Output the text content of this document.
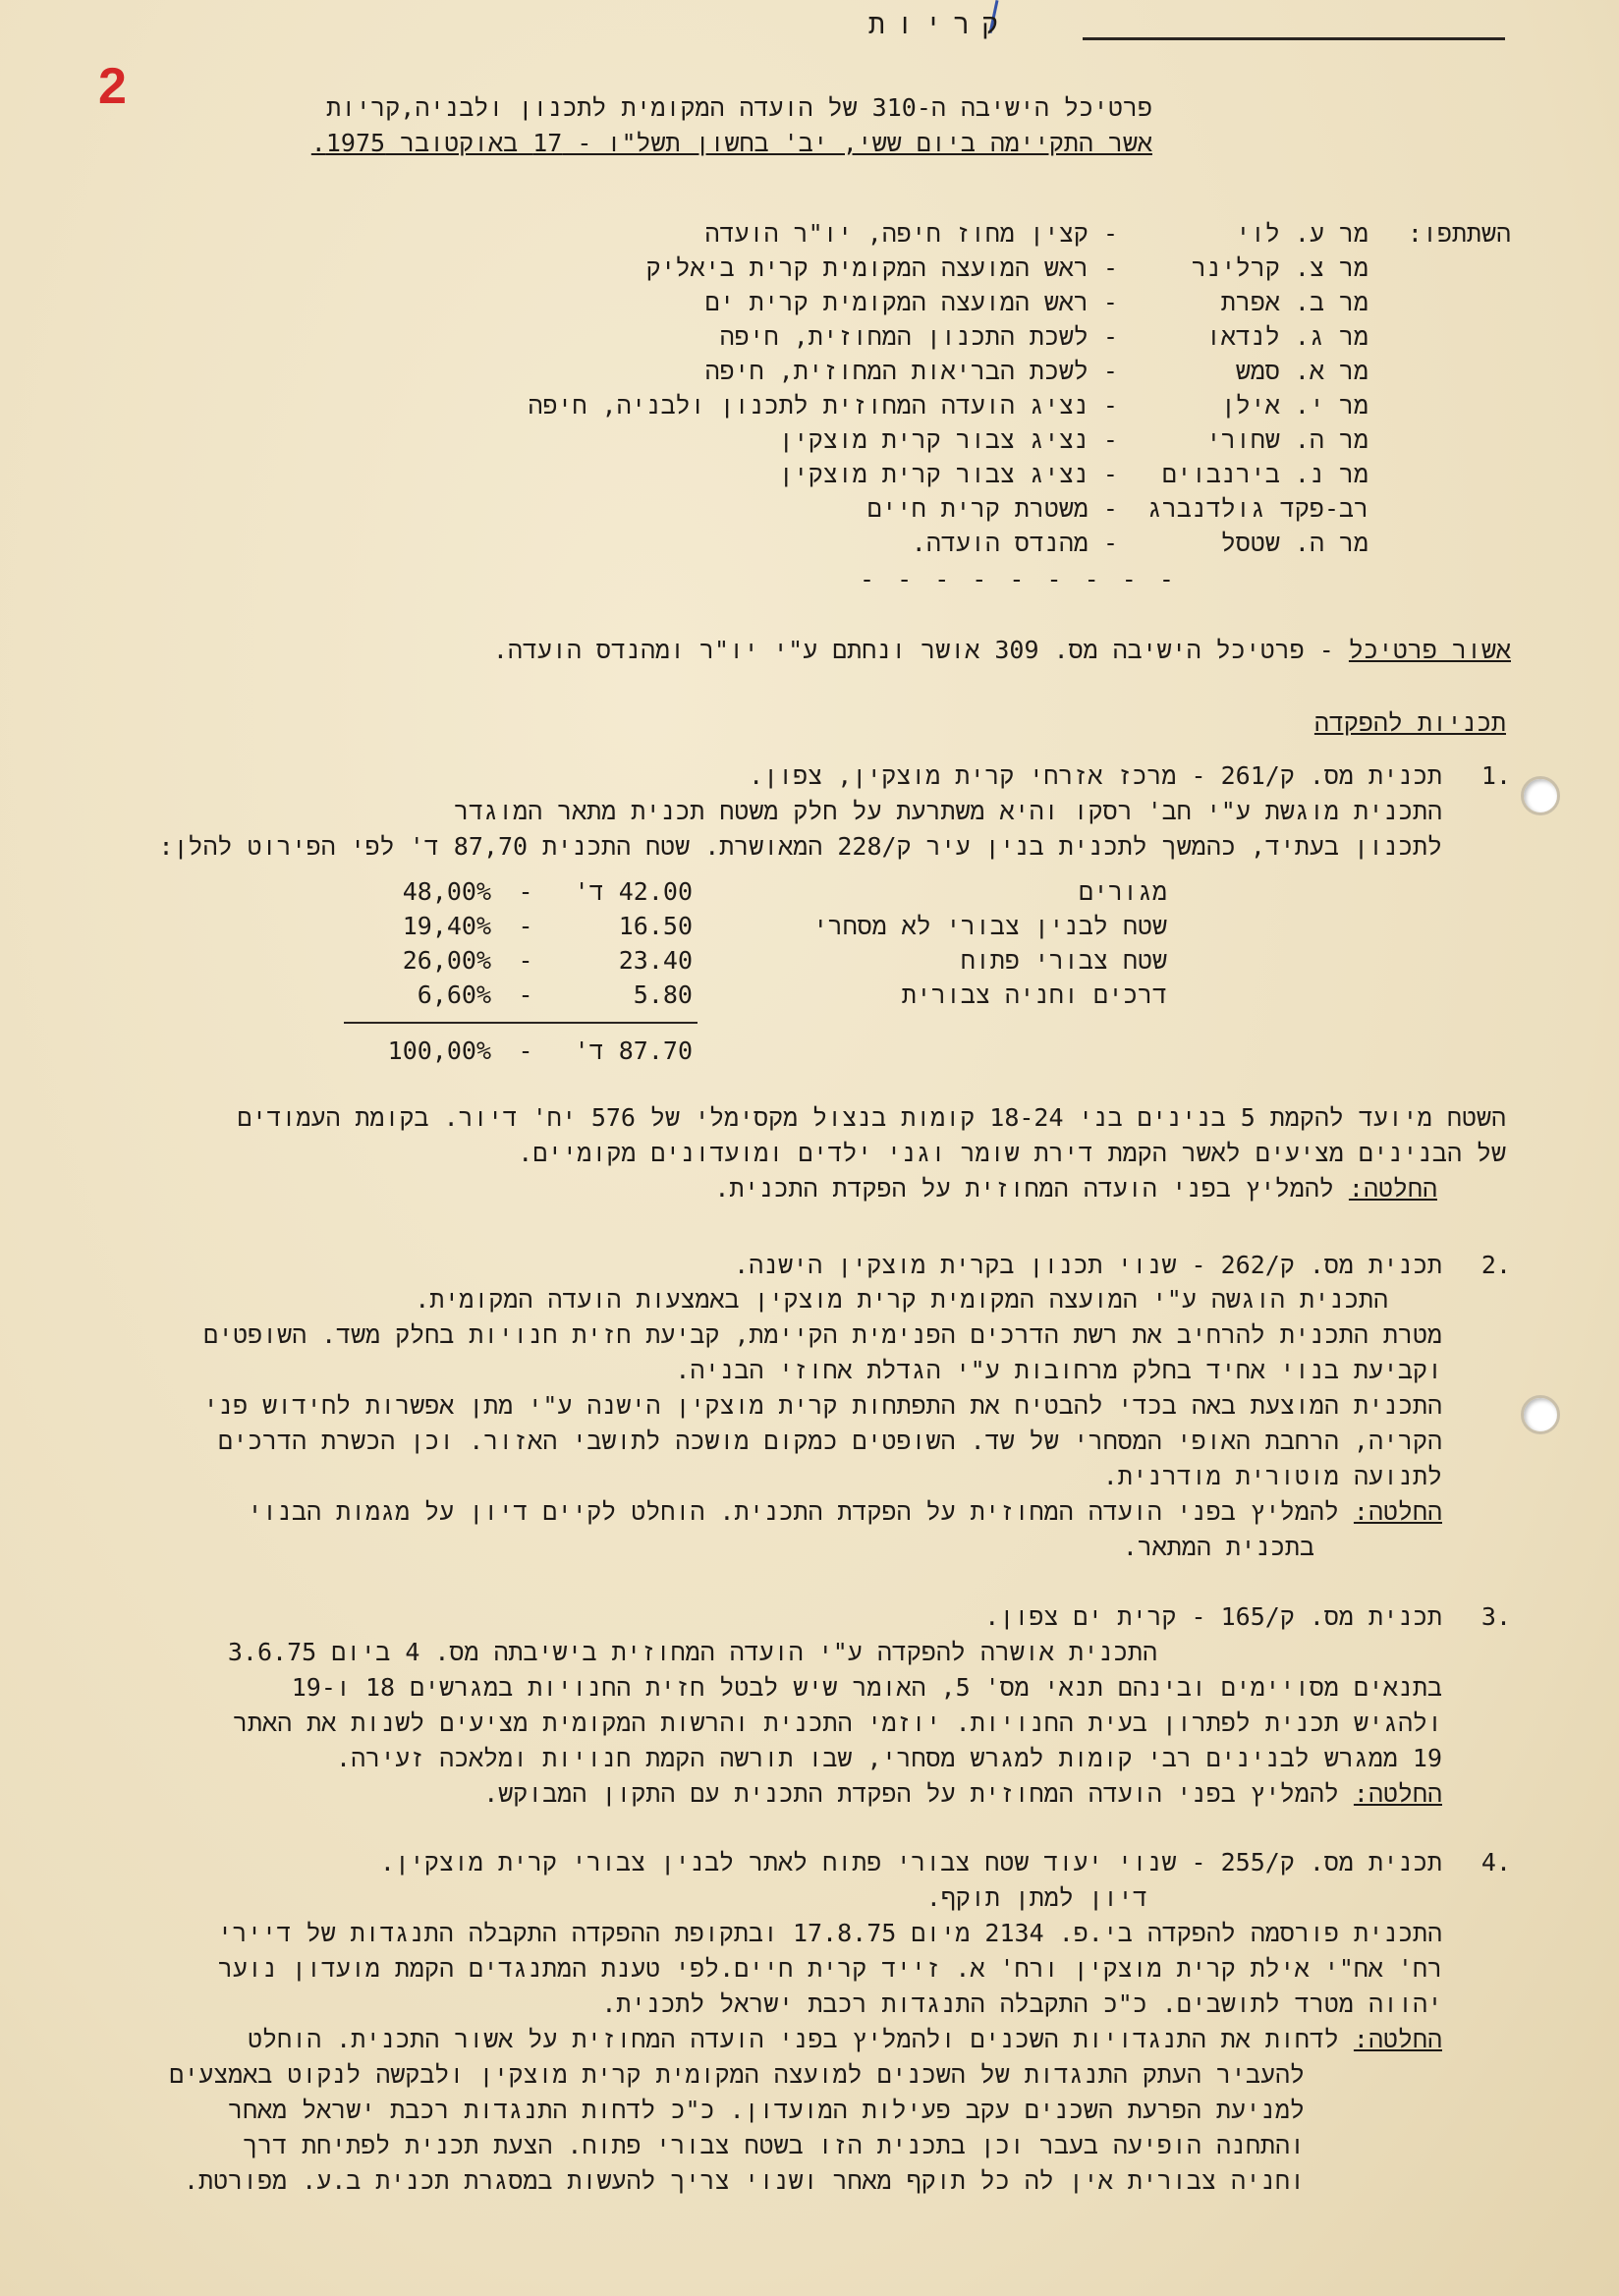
קריות
2	פרטיכל הישיבה ה-310 של הועדה המקומית לתכנון ולבניה,קריות
אשר התקיימה ביום ששי, יב' בחשון תשל"ו - 17 באוקטובר 1975.
השתתפו:
מר ע. לוי
- קצין מחוז חיפה, יו"ר הועדה
מר צ. קרלינר
- ראש המועצה המקומית קרית ביאליק
מר ב. אפרת
- ראש המועצה המקומית קרית ים
מר ג. לנדאו
- לשכת התכנון המחוזית, חיפה
מר א. סמש
- לשכת הבריאות המחוזית, חיפה
מר י. אילן
- נציג הועדה המחוזית לתכנון ולבניה, חיפה
מר ה. שחורי
- נציג צבור קרית מוצקין
מר נ. בירנבוים
- נציג צבור קרית מוצקין
רב-פקד גולדנברג
- משטרת קרית חיים
מר ה. שטסל
- מהנדס הועדה.
- - - - - - - - -
אשור פרטיכל - פרטיכל הישיבה מס. 309 אושר ונחתם ע"י יו"ר ומהנדס הועדה.
תכניות להפקדה
1.
תכנית מס. ק/261 - מרכז אזרחי קרית מוצקין, צפון.
התכנית מוגשת ע"י חב' רסקו והיא משתרעת על חלק משטח תכנית מתאר המוגדר
לתכנון בעתיד, כהמשך לתכנית בנין עיר ק/228 המאושרת. שטח התכנית 87,70 ד' לפי הפירוט להלן:
מגורים
42.00 ד'
-
48,00%
שטח לבנין צבורי לא מסחרי
16.50
-
19,40%
שטח צבורי פתוח
23.40
-
26,00%
דרכים וחניה צבורית
5.80
-
6,60%
87.70 ד'
-
100,00%
השטח מיועד להקמת 5 בנינים בני 18-24 קומות בנצול מקסימלי של 576 יח' דיור. בקומת העמודים
של הבנינים מציעים לאשר הקמת דירת שומר וגני ילדים ומועדונים מקומיים.
החלטה: להמליץ בפני הועדה המחוזית על הפקדת התכנית.
2.
תכנית מס. ק/262 - שנוי תכנון בקרית מוצקין הישנה.
התכנית הוגשה ע"י המועצה המקומית קרית מוצקין באמצעות הועדה המקומית.
מטרת התכנית להרחיב את רשת הדרכים הפנימית הקיימת, קביעת חזית חנויות בחלק משד. השופטים
וקביעת בנוי אחיד בחלק מרחובות ע"י הגדלת אחוזי הבניה.
התכנית המוצעת באה בכדי להבטיח את התפתחות קרית מוצקין הישנה ע"י מתן אפשרות לחידוש פני
הקריה, הרחבת האופי המסחרי של שד. השופטים כמקום מושכה לתושבי האזור. וכן הכשרת הדרכים
לתנועה מוטורית מודרנית.
החלטה: להמליץ בפני הועדה המחוזית על הפקדת התכנית. הוחלט לקיים דיון על מגמות הבנוי
בתכנית המתאר.
3.
תכנית מס. ק/165 - קרית ים צפון.
התכנית אושרה להפקדה ע"י הועדה המחוזית בישיבתה מס. 4 ביום 3.6.75
בתנאים מסויימים ובינהם תנאי מס' 5, האומר שיש לבטל חזית החנויות במגרשים 18 ו-19
ולהגיש תכנית לפתרון בעית החנויות. יוזמי התכנית והרשות המקומית מציעים לשנות את האתר
19 ממגרש לבנינים רבי קומות למגרש מסחרי, שבו תורשה הקמת חנויות ומלאכה זעירה.
החלטה: להמליץ בפני הועדה המחוזית על הפקדת התכנית עם התקון המבוקש.
4.
תכנית מס. ק/255 - שנוי יעוד שטח צבורי פתוח לאתר לבנין צבורי קרית מוצקין.
דיון למתן תוקף.
התכנית פורסמה להפקדה בי.פ. 2134 מיום 17.8.75 ובתקופת ההפקדה התקבלה התנגדות של דיירי
רח' אח"י אילת קרית מוצקין ורח' א. זייד קרית חיים.לפי טענת המתנגדים הקמת מועדון נוער
יהווה מטרד לתושבים. כ"כ התקבלה התנגדות רכבת ישראל לתכנית.
החלטה: לדחות את התנגדויות השכנים ולהמליץ בפני הועדה המחוזית על אשור התכנית. הוחלט
להעביר העתק התנגדות של השכנים למועצה המקומית קרית מוצקין ולבקשה לנקוט באמצעים
למניעת הפרעת השכנים עקב פעילות המועדון. כ"כ לדחות התנגדות רכבת ישראל מאחר
והתחנה הופיעה בעבר וכן בתכנית הזו בשטח צבורי פתוח. הצעת תכנית לפתיחת דרך
וחניה צבורית אין לה כל תוקף מאחר ושנוי צריך להעשות במסגרת תכנית ב.ע. מפורטת.
